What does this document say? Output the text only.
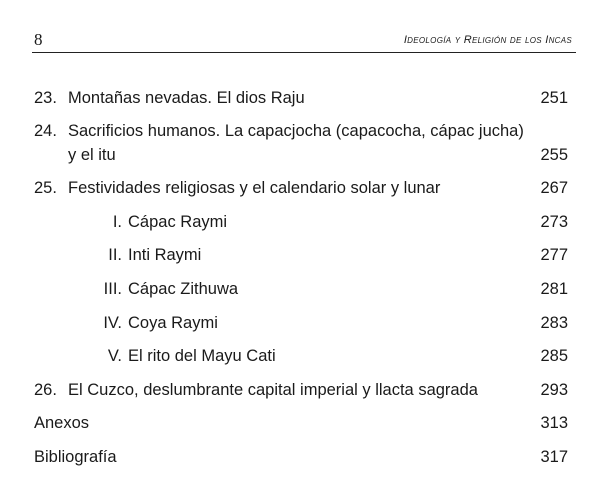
8	Ideología y Religión de los Incas
23. Montañas nevadas. El dios Raju	251
24. Sacrificios humanos. La capacjocha (capacocha, cápac jucha)
y el itu	255
25. Festividades religiosas y el calendario solar y lunar	267
I. Cápac Raymi	273
II. Inti Raymi	277
III. Cápac Zithuwa	281
IV. Coya Raymi	283
V. El rito del Mayu Cati	285
26. El Cuzco, deslumbrante capital imperial y llacta sagrada	293
Anexos	313
Bibliografía	317
